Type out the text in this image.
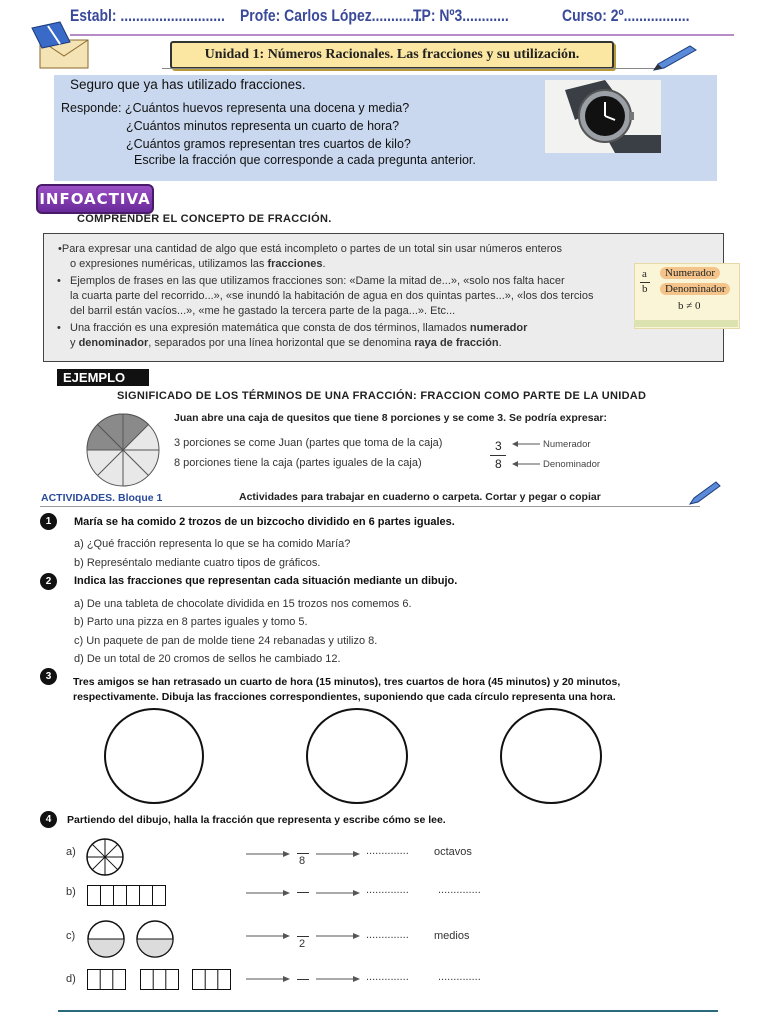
Establ: ........................... Profe: Carlos López.............
TP: Nº3............	Curso: 2º.................
Unidad 1: Números Racionales. Las fracciones y su utilización.
Seguro que ya has utilizado fracciones.
Responde: ¿Cuántos huevos representa una docena y media?
¿Cuántos minutos representa un cuarto de hora?
¿Cuántos gramos representan tres cuartos de kilo?
Escribe la fracción que corresponde a cada pregunta anterior.
INFOACTIVA
COMPRENDER EL CONCEPTO DE FRACCIÓN.
•Para expresar una cantidad de algo que está incompleto o partes de un total sin usar números enteros
o expresiones numéricas, utilizamos las fracciones.
• Ejemplos de frases en las que utilizamos fracciones son: «Dame la mitad de...», «solo nos falta hacer
la cuarta parte del recorrido...», «se inundó la habitación de agua en dos quintas partes...», «los dos tercios
del barril están vacíos...», «me he gastado la tercera parte de la paga...». Etc...
• Una fracción es una expresión matemática que consta de dos términos, llamados numerador
y denominador, separados por una línea horizontal que se denomina raya de fracción.
a
b
Numerador
Denominador
b ≠ 0
EJEMPLO
SIGNIFICADO DE LOS TÉRMINOS DE UNA FRACCIÓN: FRACCION COMO PARTE DE LA UNIDAD
Juan abre una caja de quesitos que tiene 8 porciones y se come 3. Se podría expresar:
3 porciones se come Juan (partes que toma de la caja)
8 porciones tiene la caja (partes iguales de la caja)
3
8
Numerador
Denominador
ACTIVIDADES. Bloque 1	Actividades para trabajar en cuaderno o carpeta. Cortar y pegar o copiar
1	María se ha comido 2 trozos de un bizcocho dividido en 6 partes iguales.
a) ¿Qué fracción representa lo que se ha comido María?
b) Represéntalo mediante cuatro tipos de gráficos.
2	Indica las fracciones que representan cada situación mediante un dibujo.
a) De una tableta de chocolate dividida en 15 trozos nos comemos 6.
b) Parto una pizza en 8 partes iguales y tomo 5.
c) Un paquete de pan de molde tiene 24 rebanadas y utilizo 8.
d) De un total de 20 cromos de sellos he cambiado 12.
3	Tres amigos se han retrasado un cuarto de hora (15 minutos), tres cuartos de hora (45 minutos) y 20 minutos,
respectivamente. Dibuja las fracciones correspondientes, suponiendo que cada círculo representa una hora.
4	Partiendo del dibujo, halla la fracción que representa y escribe cómo se lee.
a)
8
.............. octavos
b)	..............	..............
c)
2
.............. medios
d)	..............	..............
